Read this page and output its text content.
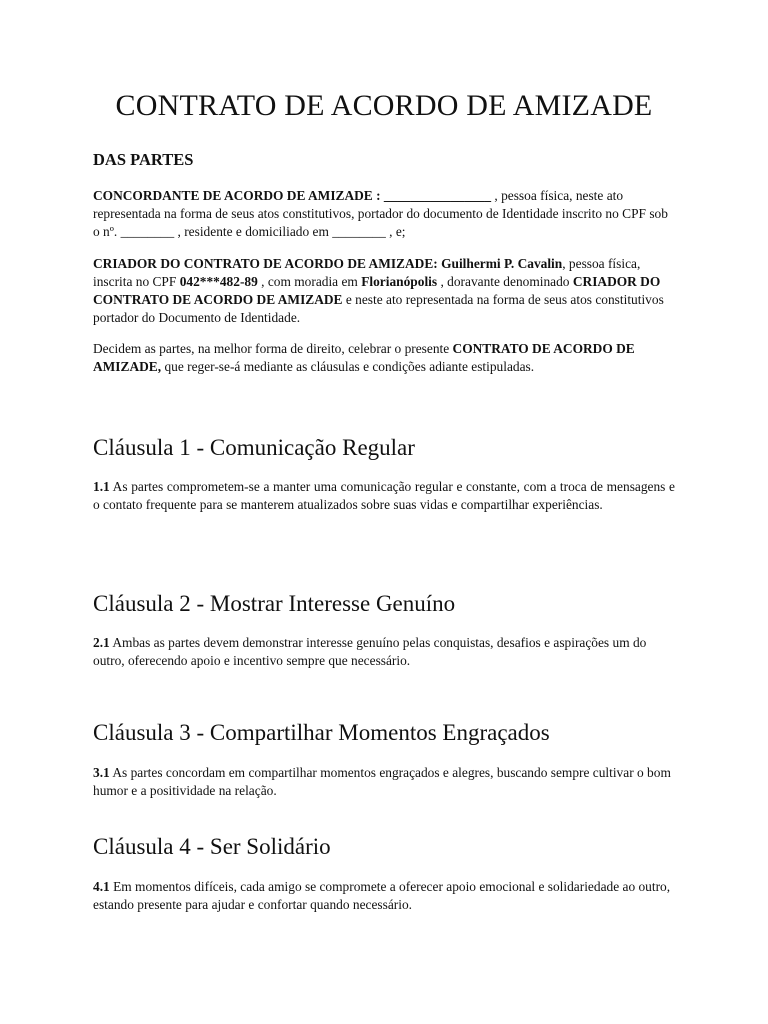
CONTRATO DE ACORDO DE AMIZADE
DAS PARTES
CONCORDANTE DE ACORDO DE AMIZADE : ________________ , pessoa física, neste ato representada na forma de seus atos constitutivos, portador do documento de Identidade inscrito no CPF sob o nº. ________ , residente e domiciliado em ________ , e;
CRIADOR DO CONTRATO DE ACORDO DE AMIZADE: Guilhermi P. Cavalin, pessoa física, inscrita no CPF 042***482-89 , com moradia em Florianópolis , doravante denominado CRIADOR DO CONTRATO DE ACORDO DE AMIZADE e neste ato representada na forma de seus atos constitutivos portador do Documento de Identidade.
Decidem as partes, na melhor forma de direito, celebrar o presente CONTRATO DE ACORDO DE AMIZADE, que reger-se-á mediante as cláusulas e condições adiante estipuladas.
Cláusula 1 - Comunicação Regular
1.1 As partes comprometem-se a manter uma comunicação regular e constante, com a troca de mensagens e o contato frequente para se manterem atualizados sobre suas vidas e compartilhar experiências.
Cláusula 2 - Mostrar Interesse Genuíno
2.1 Ambas as partes devem demonstrar interesse genuíno pelas conquistas, desafios e aspirações um do outro, oferecendo apoio e incentivo sempre que necessário.
Cláusula 3 - Compartilhar Momentos Engraçados
3.1 As partes concordam em compartilhar momentos engraçados e alegres, buscando sempre cultivar o bom humor e a positividade na relação.
Cláusula 4 - Ser Solidário
4.1 Em momentos difíceis, cada amigo se compromete a oferecer apoio emocional e solidariedade ao outro, estando presente para ajudar e confortar quando necessário.
